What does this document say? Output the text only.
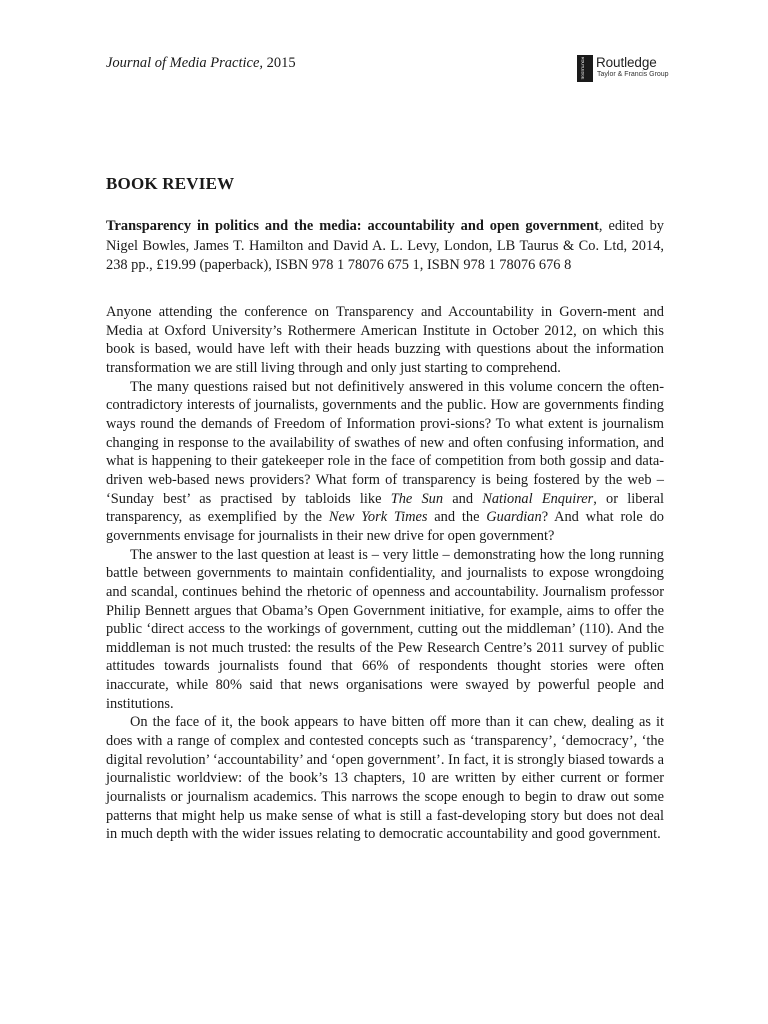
Journal of Media Practice, 2015	ROUTLEDGE Routledge
Taylor & Francis Group
BOOK REVIEW
Transparency in politics and the media: accountability and open government, edited by Nigel Bowles, James T. Hamilton and David A. L. Levy, London, LB Taurus & Co. Ltd, 2014, 238 pp., £19.99 (paperback), ISBN 978 1 78076 675 1, ISBN 978 1 78076 676 8

Anyone attending the conference on Transparency and Accountability in Govern-ment and Media at Oxford University’s Rothermere American Institute in October 2012, on which this book is based, would have left with their heads buzzing with questions about the information transformation we are still living through and only just starting to comprehend.

The many questions raised but not definitively answered in this volume concern the often-contradictory interests of journalists, governments and the public. How are governments finding ways round the demands of Freedom of Information provi-sions? To what extent is journalism changing in response to the availability of swathes of new and often confusing information, and what is happening to their gatekeeper role in the face of competition from both gossip and data-driven web-based news providers? What form of transparency is being fostered by the web – ‘Sunday best’ as practised by tabloids like The Sun and National Enquirer, or liberal transparency, as exemplified by the New York Times and the Guardian? And what role do governments envisage for journalists in their new drive for open government?

The answer to the last question at least is – very little – demonstrating how the long running battle between governments to maintain confidentiality, and journalists to expose wrongdoing and scandal, continues behind the rhetoric of openness and accountability. Journalism professor Philip Bennett argues that Obama’s Open Government initiative, for example, aims to offer the public ‘direct access to the workings of government, cutting out the middleman’ (110). And the middleman is not much trusted: the results of the Pew Research Centre’s 2011 survey of public attitudes towards journalists found that 66% of respondents thought stories were often inaccurate, while 80% said that news organisations were swayed by powerful people and institutions.

On the face of it, the book appears to have bitten off more than it can chew, dealing as it does with a range of complex and contested concepts such as ‘transparency’, ‘democracy’, ‘the digital revolution’ ‘accountability’ and ‘open government’. In fact, it is strongly biased towards a journalistic worldview: of the book’s 13 chapters, 10 are written by either current or former journalists or journalism academics. This narrows the scope enough to begin to draw out some patterns that might help us make sense of what is still a fast-developing story but does not deal in much depth with the wider issues relating to democratic accountability and good government.
